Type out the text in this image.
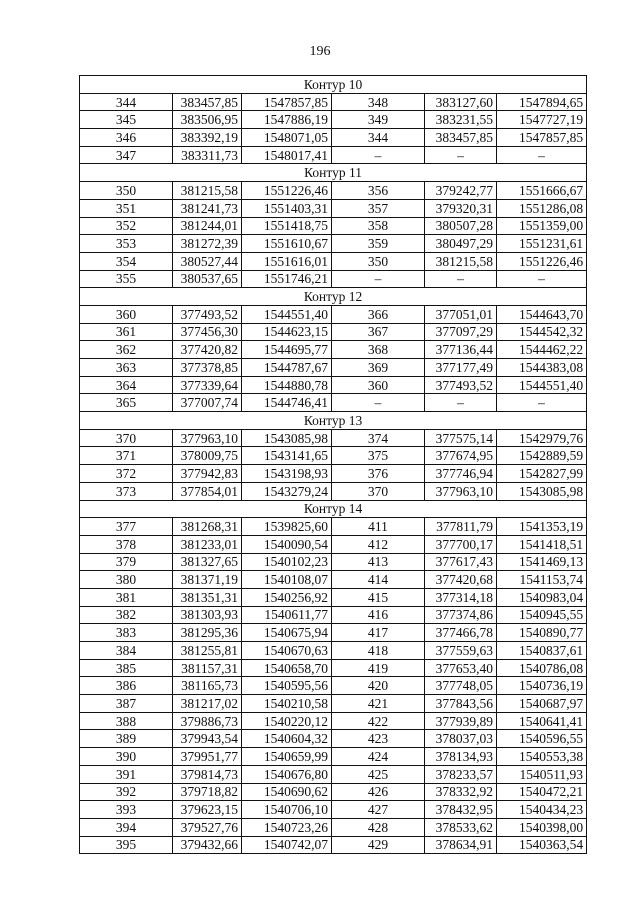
196
Контур 10					
344	383457,85	1547857,85	348	383127,60	1547894,65
345	383506,95	1547886,19	349	383231,55	1547727,19
346	383392,19	1548071,05	344	383457,85	1547857,85
347	383311,73	1548017,41	–	–	–
Контур 11					
350	381215,58	1551226,46	356	379242,77	1551666,67
351	381241,73	1551403,31	357	379320,31	1551286,08
352	381244,01	1551418,75	358	380507,28	1551359,00
353	381272,39	1551610,67	359	380497,29	1551231,61
354	380527,44	1551616,01	350	381215,58	1551226,46
355	380537,65	1551746,21	–	–	–
Контур 12					
360	377493,52	1544551,40	366	377051,01	1544643,70
361	377456,30	1544623,15	367	377097,29	1544542,32
362	377420,82	1544695,77	368	377136,44	1544462,22
363	377378,85	1544787,67	369	377177,49	1544383,08
364	377339,64	1544880,78	360	377493,52	1544551,40
365	377007,74	1544746,41	–	–	–
Контур 13					
370	377963,10	1543085,98	374	377575,14	1542979,76
371	378009,75	1543141,65	375	377674,95	1542889,59
372	377942,83	1543198,93	376	377746,94	1542827,99
373	377854,01	1543279,24	370	377963,10	1543085,98
Контур 14					
377	381268,31	1539825,60	411	377811,79	1541353,19
378	381233,01	1540090,54	412	377700,17	1541418,51
379	381327,65	1540102,23	413	377617,43	1541469,13
380	381371,19	1540108,07	414	377420,68	1541153,74
381	381351,31	1540256,92	415	377314,18	1540983,04
382	381303,93	1540611,77	416	377374,86	1540945,55
383	381295,36	1540675,94	417	377466,78	1540890,77
384	381255,81	1540670,63	418	377559,63	1540837,61
385	381157,31	1540658,70	419	377653,40	1540786,08
386	381165,73	1540595,56	420	377748,05	1540736,19
387	381217,02	1540210,58	421	377843,56	1540687,97
388	379886,73	1540220,12	422	377939,89	1540641,41
389	379943,54	1540604,32	423	378037,03	1540596,55
390	379951,77	1540659,99	424	378134,93	1540553,38
391	379814,73	1540676,80	425	378233,57	1540511,93
392	379718,82	1540690,62	426	378332,92	1540472,21
393	379623,15	1540706,10	427	378432,95	1540434,23
394	379527,76	1540723,26	428	378533,62	1540398,00
395	379432,66	1540742,07	429	378634,91	1540363,54
